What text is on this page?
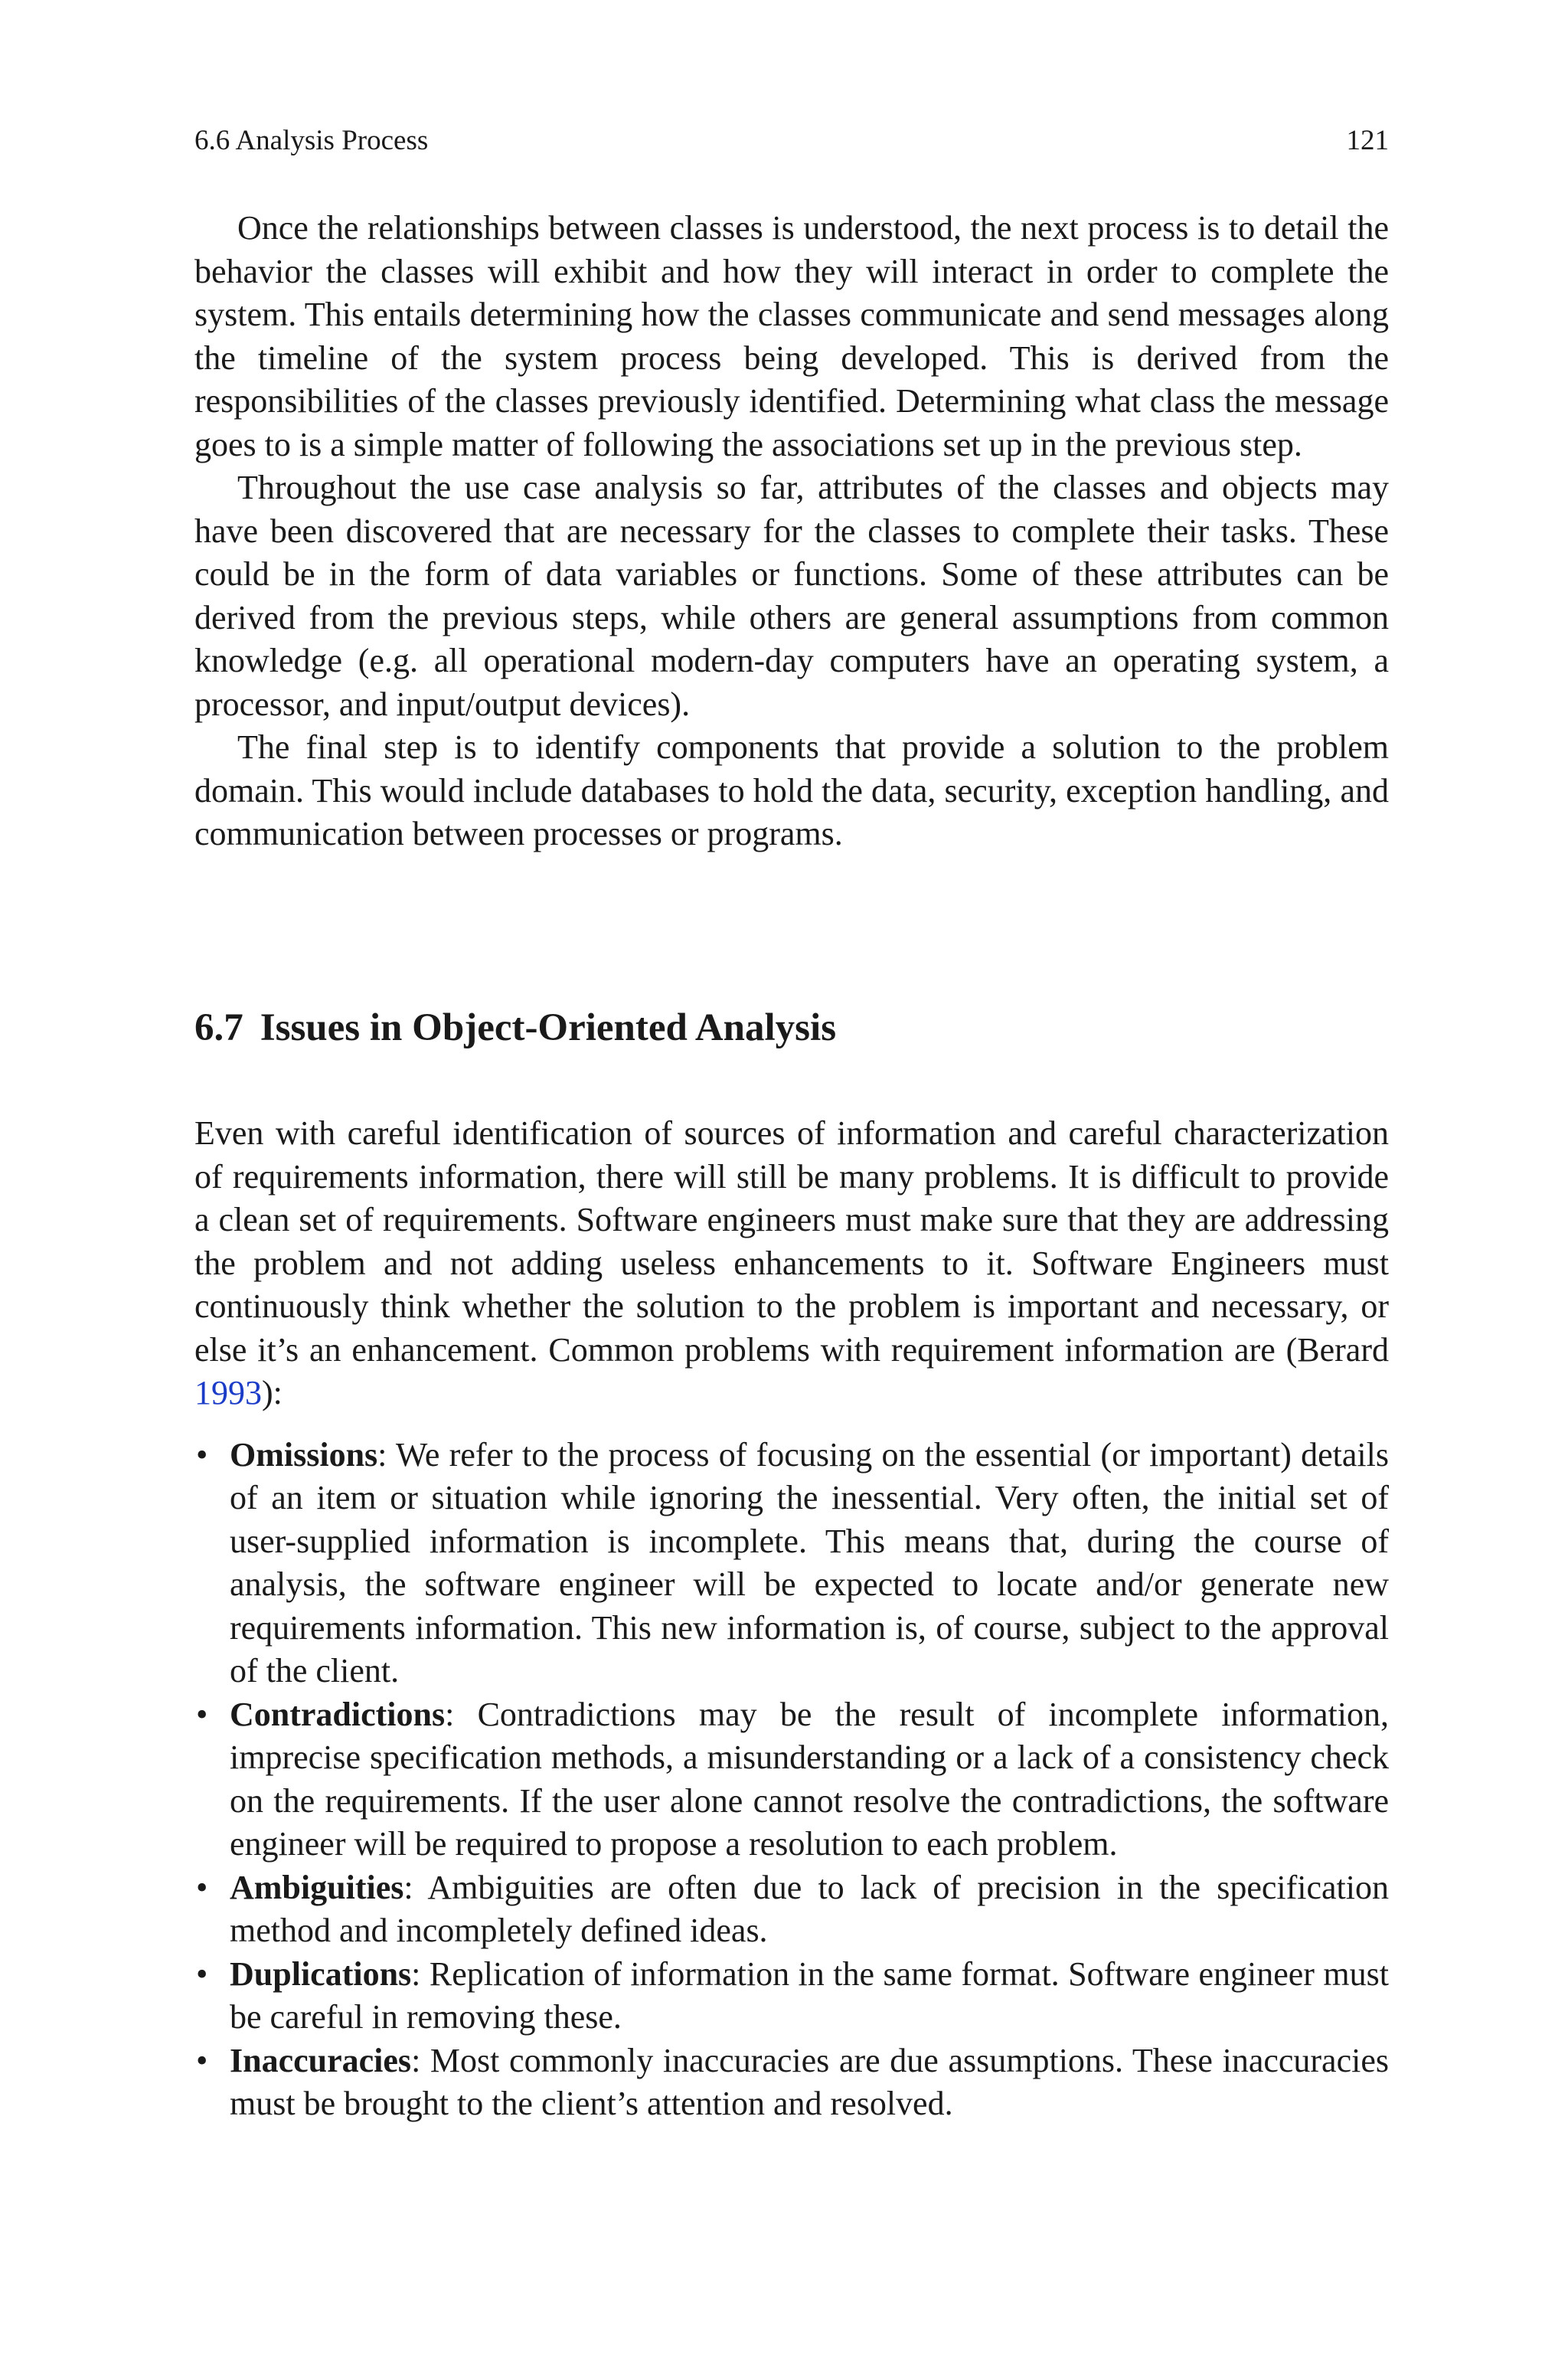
6.6 Analysis Process	121

Once the relationships between classes is understood, the next process is to detail the behavior the classes will exhibit and how they will interact in order to complete the system. This entails determining how the classes communicate and send messages along the timeline of the system process being developed. This is derived from the responsibilities of the classes previously identified. Determining what class the message goes to is a simple matter of following the associations set up in the previous step.

Throughout the use case analysis so far, attributes of the classes and objects may have been discovered that are necessary for the classes to complete their tasks. These could be in the form of data variables or functions. Some of these attributes can be derived from the previous steps, while others are general assumptions from common knowledge (e.g. all operational modern-day computers have an operating system, a processor, and input/output devices).

The final step is to identify components that provide a solution to the problem domain. This would include databases to hold the data, security, exception handling, and communication between processes or programs.

6.7 Issues in Object-Oriented Analysis

Even with careful identification of sources of information and careful characterization of requirements information, there will still be many problems. It is difficult to provide a clean set of requirements. Software engineers must make sure that they are addressing the problem and not adding useless enhancements to it. Software Engineers must continuously think whether the solution to the problem is important and necessary, or else it’s an enhancement. Common problems with requirement information are (Berard 1993):

• Omissions: We refer to the process of focusing on the essential (or important) details of an item or situation while ignoring the inessential. Very often, the initial set of user-supplied information is incomplete. This means that, during the course of analysis, the software engineer will be expected to locate and/or generate new requirements information. This new information is, of course, subject to the approval of the client.
• Contradictions: Contradictions may be the result of incomplete information, imprecise specification methods, a misunderstanding or a lack of a consistency check on the requirements. If the user alone cannot resolve the contradictions, the software engineer will be required to propose a resolution to each problem.
• Ambiguities: Ambiguities are often due to lack of precision in the specification method and incompletely defined ideas.
• Duplications: Replication of information in the same format. Software engineer must be careful in removing these.
• Inaccuracies: Most commonly inaccuracies are due assumptions. These inaccuracies must be brought to the client’s attention and resolved.
